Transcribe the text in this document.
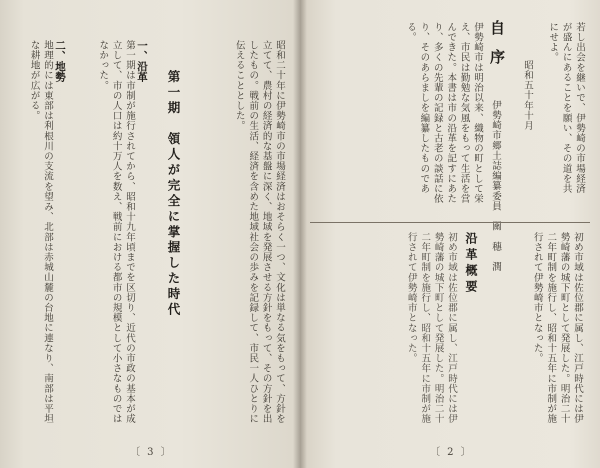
昭和二十年に伊勢崎市の市場経済はおそらく一つ、文化は単なる気をもって、方針を立てて、農村の経済的な基盤に深く、地域を発展させる方針をもって、その方針を出したもの。戦前の生活、経済を含めた地域社会の歩みを記録して、市民一人ひとりに伝えることとした。
第一期　領人が完全に掌握した時代
一、沿革
第一期は市制が施行されてから、昭和十九年頃までを区切り、近代の市政の基本が成立して、市の人口は約十万人を数え、戦前における都市の規模として小さなものではなかった。
二、地勢
地理的には東部は利根川の支流を望み、北部は赤城山麓の台地に連なり、南部は平坦な耕地が広がる。
〔 3 〕
若し出会を継いで、伊勢崎の市場経済が盛んにあることを願い、その道を共にせよ。
昭和五十年十月
自序
伊勢崎市郷土誌編纂委員　關　穗　潤
伊勢崎市は明治以来、織物の町として栄え、市民は勤勉な気風をもって生活を営んできた。本書は市の沿革を記すにあたり、多くの先輩の記録と古老の談話に依り、そのあらましを編纂したものである。
沿革概要	初め市域は佐位郡に属し、江戸時代には伊勢崎藩の城下町として発展した。明治二十二年町制を施行し、昭和十五年に市制が施行されて伊勢崎市となった。
初め市域は佐位郡に属し、江戸時代には伊勢崎藩の城下町として発展した。明治二十二年町制を施行し、昭和十五年に市制が施行されて伊勢崎市となった。
〔 2 〕
